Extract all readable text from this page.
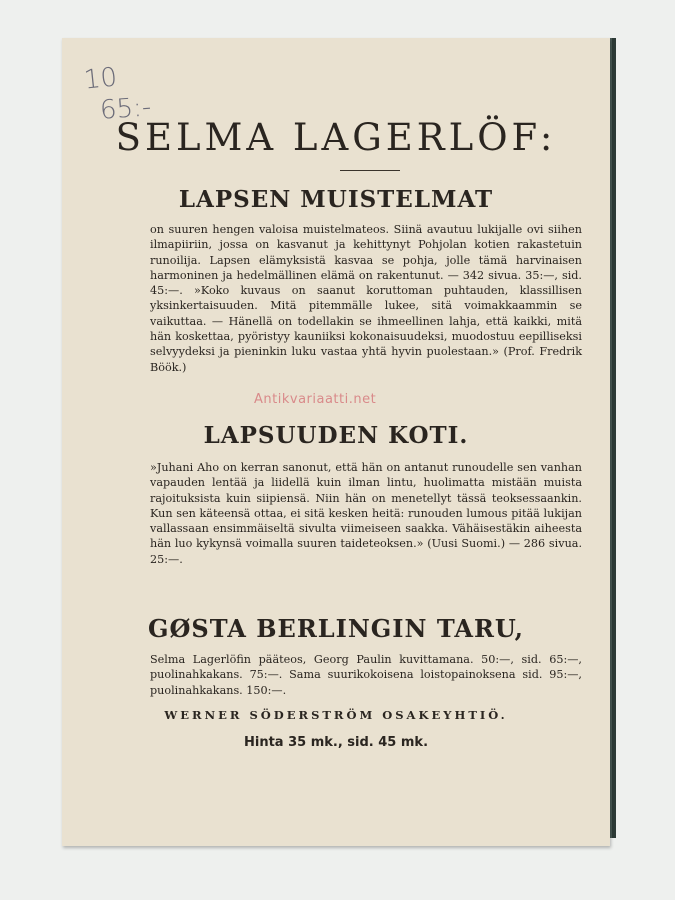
10
65:-
SELMA LAGERLÖF:
LAPSEN MUISTELMAT
on suuren hengen valoisa muistelmateos. Siinä avautuu lukijalle ovi siihen ilmapiiriin, jossa on kasvanut ja kehittynyt Pohjolan kotien rakastetuin runoilija. Lapsen elämyksistä kasvaa se pohja, jolle tämä harvinaisen harmoninen ja hedelmällinen elämä on rakentunut. — 342 sivua. 35:—, sid. 45:—. »Koko kuvaus on saanut koruttoman puhtauden, klassillisen yksinkertaisuuden. Mitä pitemmälle lukee, sitä voimakkaammin se vaikuttaa. — Hänellä on todellakin se ihmeellinen lahja, että kaikki, mitä hän koskettaa, pyöristyy kauniiksi kokonaisuudeksi, muodostuu eepilliseksi selvyydeksi ja pieninkin luku vastaa yhtä hyvin puolestaan.» (Prof. Fredrik Böök.)
LAPSUUDEN KOTI.
»Juhani Aho on kerran sanonut, että hän on antanut runoudelle sen vanhan vapauden lentää ja liidellä kuin ilman lintu, huolimatta mistään muista rajoituksista kuin siipiensä. Niin hän on menetellyt tässä teoksessaankin. Kun sen käteensä ottaa, ei sitä kesken heitä: runouden lumous pitää lukijan vallassaan ensimmäiseltä sivulta viimeiseen saakka. Vähäisestäkin aiheesta hän luo kykynsä voimalla suuren taideteoksen.» (Uusi Suomi.) — 286 sivua. 25:—.
GØSTA BERLINGIN TARU,
Selma Lagerlöfin pääteos, Georg Paulin kuvittamana. 50:—, sid. 65:—, puolinahkakans. 75:—. Sama suurikokoisena loistopainoksena sid. 95:—, puolinahkakans. 150:—.
WERNER SÖDERSTRÖM OSAKEYHTIÖ.
Hinta 35 mk., sid. 45 mk.
Antikvariaatti.net
